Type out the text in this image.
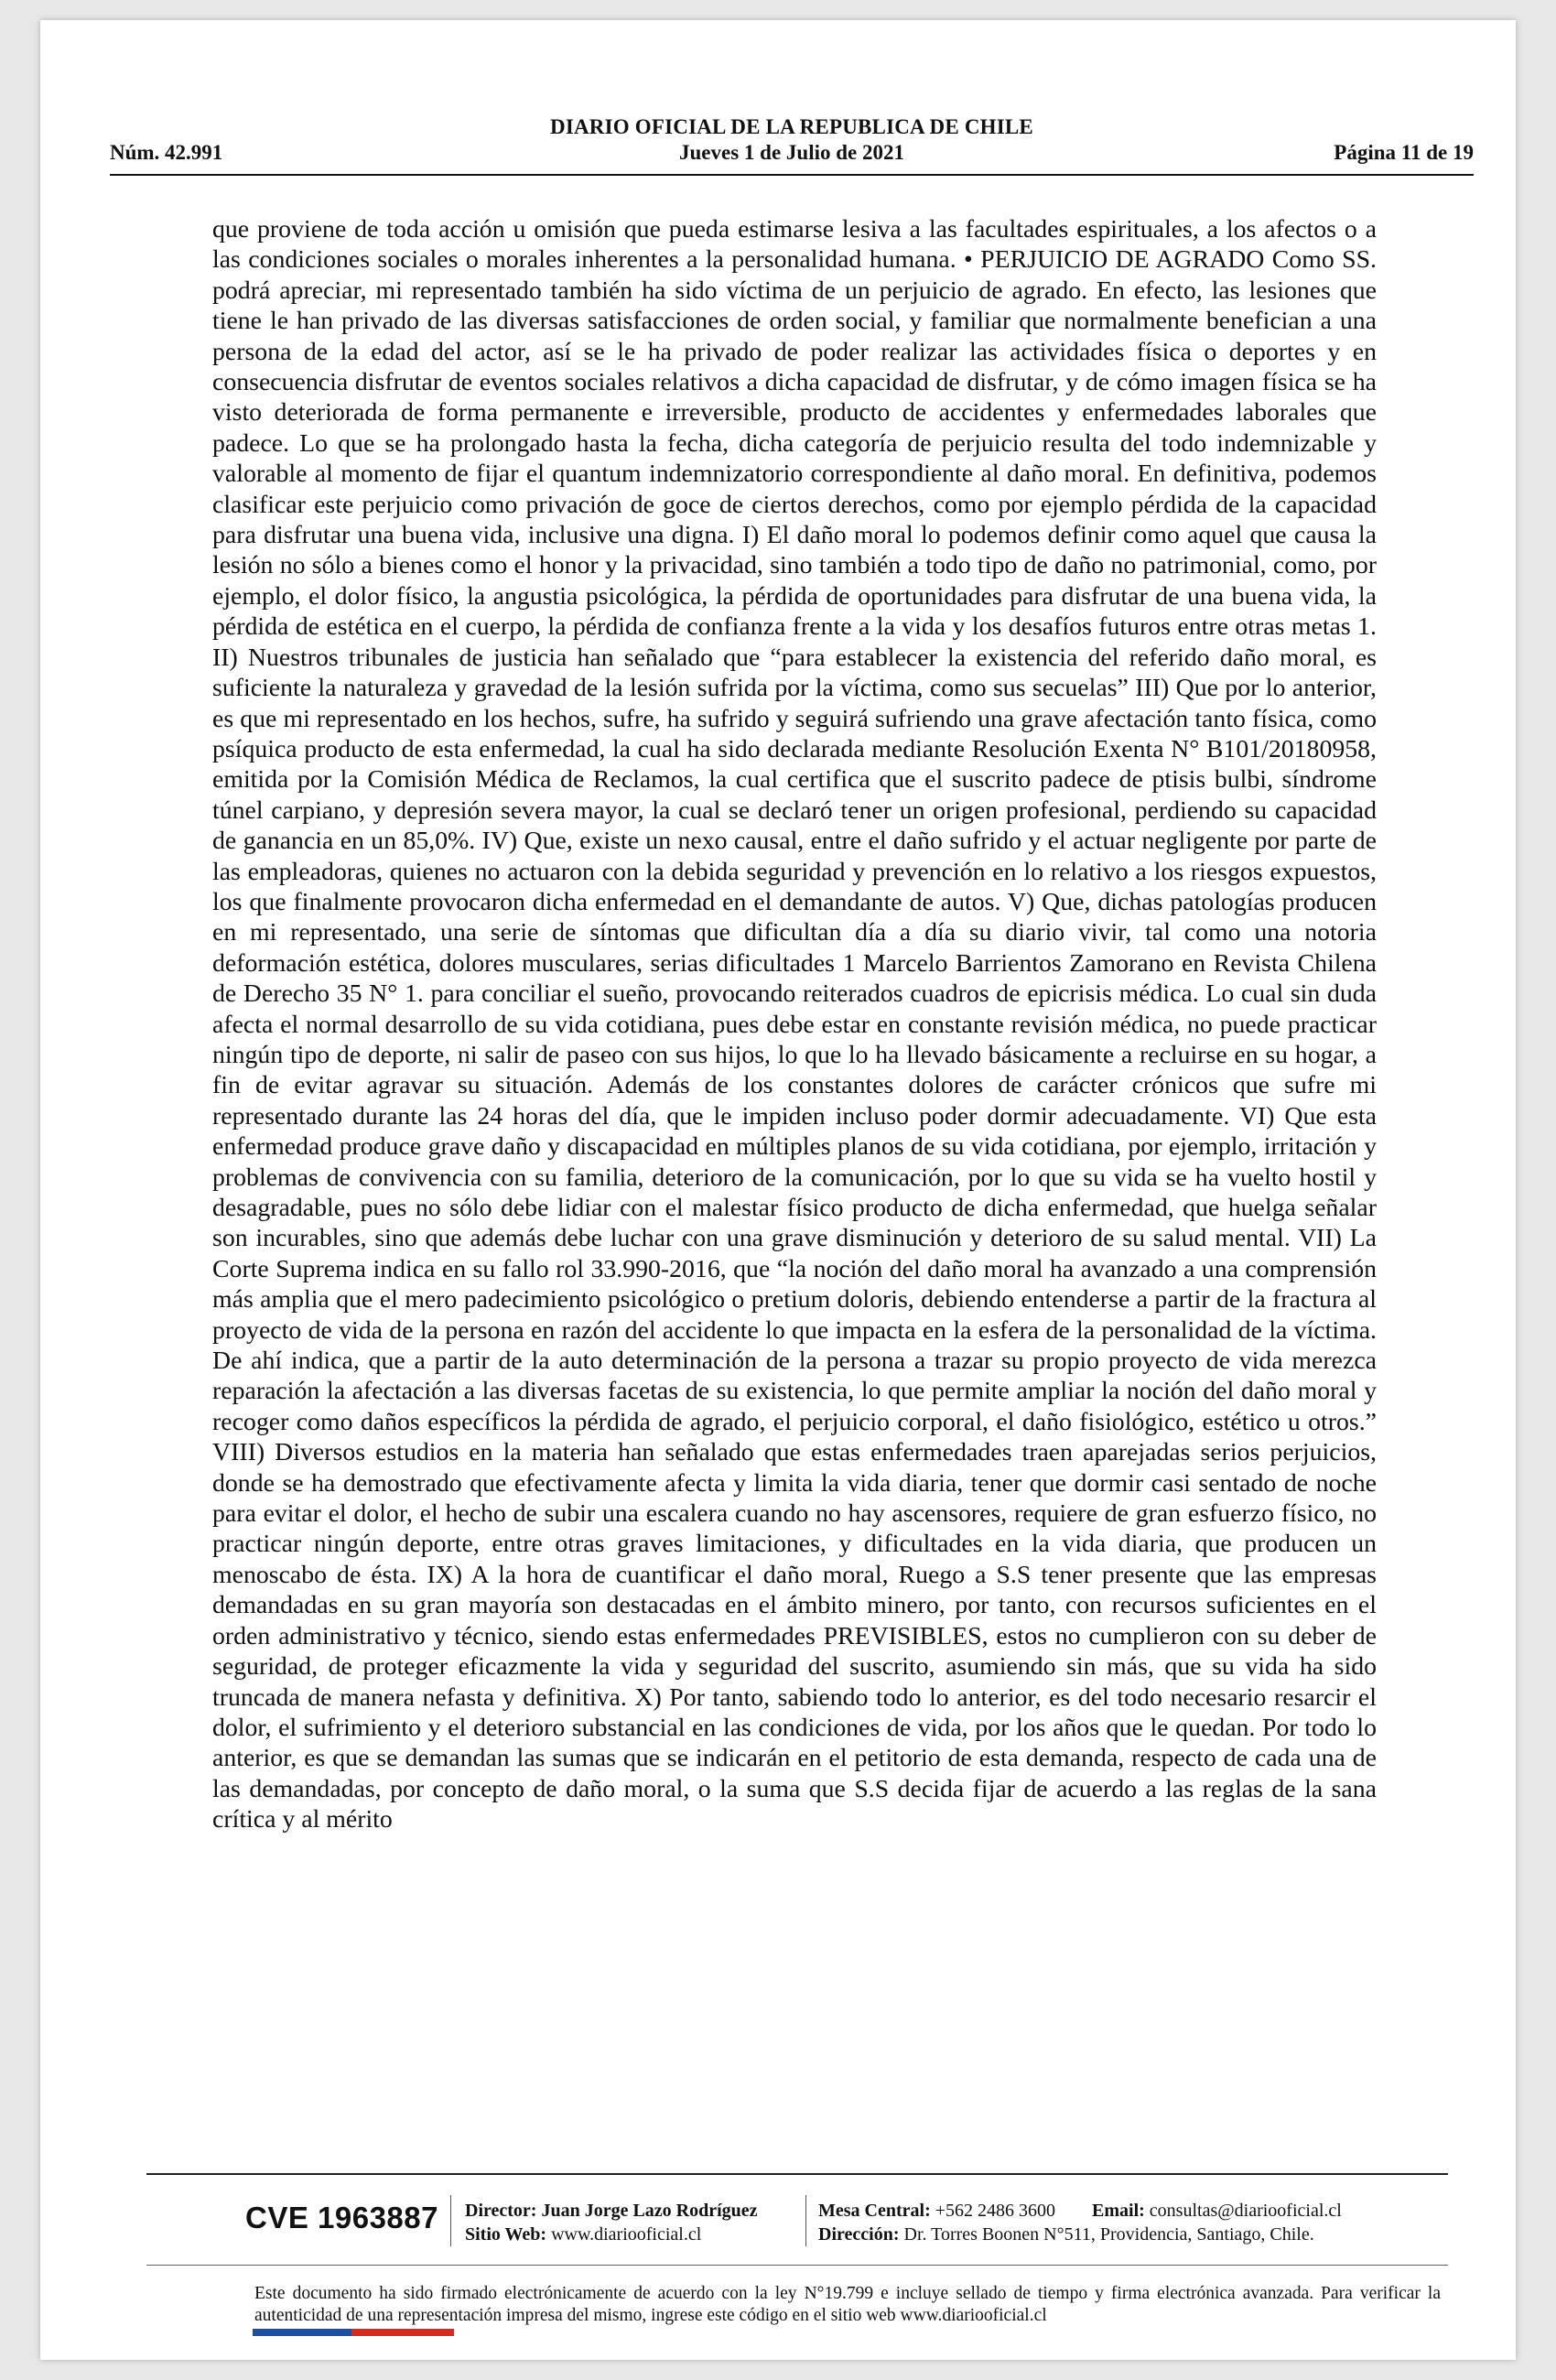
DIARIO OFICIAL DE LA REPUBLICA DE CHILE
Núm. 42.991	Jueves 1 de Julio de 2021	Página 11 de 19

que proviene de toda acción u omisión que pueda estimarse lesiva a las facultades espirituales, a los afectos o a las condiciones sociales o morales inherentes a la personalidad humana. • PERJUICIO DE AGRADO Como SS. podrá apreciar, mi representado también ha sido víctima de un perjuicio de agrado. En efecto, las lesiones que tiene le han privado de las diversas satisfacciones de orden social, y familiar que normalmente benefician a una persona de la edad del actor, así se le ha privado de poder realizar las actividades física o deportes y en consecuencia disfrutar de eventos sociales relativos a dicha capacidad de disfrutar, y de cómo imagen física se ha visto deteriorada de forma permanente e irreversible, producto de accidentes y enfermedades laborales que padece. Lo que se ha prolongado hasta la fecha, dicha categoría de perjuicio resulta del todo indemnizable y valorable al momento de fijar el quantum indemnizatorio correspondiente al daño moral. En definitiva, podemos clasificar este perjuicio como privación de goce de ciertos derechos, como por ejemplo pérdida de la capacidad para disfrutar una buena vida, inclusive una digna. I) El daño moral lo podemos definir como aquel que causa la lesión no sólo a bienes como el honor y la privacidad, sino también a todo tipo de daño no patrimonial, como, por ejemplo, el dolor físico, la angustia psicológica, la pérdida de oportunidades para disfrutar de una buena vida, la pérdida de estética en el cuerpo, la pérdida de confianza frente a la vida y los desafíos futuros entre otras metas 1. II) Nuestros tribunales de justicia han señalado que “para establecer la existencia del referido daño moral, es suficiente la naturaleza y gravedad de la lesión sufrida por la víctima, como sus secuelas” III) Que por lo anterior, es que mi representado en los hechos, sufre, ha sufrido y seguirá sufriendo una grave afectación tanto física, como psíquica producto de esta enfermedad, la cual ha sido declarada mediante Resolución Exenta N° B101/20180958, emitida por la Comisión Médica de Reclamos, la cual certifica que el suscrito padece de ptisis bulbi, síndrome túnel carpiano, y depresión severa mayor, la cual se declaró tener un origen profesional, perdiendo su capacidad de ganancia en un 85,0%. IV) Que, existe un nexo causal, entre el daño sufrido y el actuar negligente por parte de las empleadoras, quienes no actuaron con la debida seguridad y prevención en lo relativo a los riesgos expuestos, los que finalmente provocaron dicha enfermedad en el demandante de autos. V) Que, dichas patologías producen en mi representado, una serie de síntomas que dificultan día a día su diario vivir, tal como una notoria deformación estética, dolores musculares, serias dificultades 1 Marcelo Barrientos Zamorano en Revista Chilena de Derecho 35 N° 1. para conciliar el sueño, provocando reiterados cuadros de epicrisis médica. Lo cual sin duda afecta el normal desarrollo de su vida cotidiana, pues debe estar en constante revisión médica, no puede practicar ningún tipo de deporte, ni salir de paseo con sus hijos, lo que lo ha llevado básicamente a recluirse en su hogar, a fin de evitar agravar su situación. Además de los constantes dolores de carácter crónicos que sufre mi representado durante las 24 horas del día, que le impiden incluso poder dormir adecuadamente. VI) Que esta enfermedad produce grave daño y discapacidad en múltiples planos de su vida cotidiana, por ejemplo, irritación y problemas de convivencia con su familia, deterioro de la comunicación, por lo que su vida se ha vuelto hostil y desagradable, pues no sólo debe lidiar con el malestar físico producto de dicha enfermedad, que huelga señalar son incurables, sino que además debe luchar con una grave disminución y deterioro de su salud mental. VII) La Corte Suprema indica en su fallo rol 33.990-2016, que “la noción del daño moral ha avanzado a una comprensión más amplia que el mero padecimiento psicológico o pretium doloris, debiendo entenderse a partir de la fractura al proyecto de vida de la persona en razón del accidente lo que impacta en la esfera de la personalidad de la víctima. De ahí indica, que a partir de la auto determinación de la persona a trazar su propio proyecto de vida merezca reparación la afectación a las diversas facetas de su existencia, lo que permite ampliar la noción del daño moral y recoger como daños específicos la pérdida de agrado, el perjuicio corporal, el daño fisiológico, estético u otros.” VIII) Diversos estudios en la materia han señalado que estas enfermedades traen aparejadas serios perjuicios, donde se ha demostrado que efectivamente afecta y limita la vida diaria, tener que dormir casi sentado de noche para evitar el dolor, el hecho de subir una escalera cuando no hay ascensores, requiere de gran esfuerzo físico, no practicar ningún deporte, entre otras graves limitaciones, y dificultades en la vida diaria, que producen un menoscabo de ésta. IX) A la hora de cuantificar el daño moral, Ruego a S.S tener presente que las empresas demandadas en su gran mayoría son destacadas en el ámbito minero, por tanto, con recursos suficientes en el orden administrativo y técnico, siendo estas enfermedades PREVISIBLES, estos no cumplieron con su deber de seguridad, de proteger eficazmente la vida y seguridad del suscrito, asumiendo sin más, que su vida ha sido truncada de manera nefasta y definitiva. X) Por tanto, sabiendo todo lo anterior, es del todo necesario resarcir el dolor, el sufrimiento y el deterioro substancial en las condiciones de vida, por los años que le quedan. Por todo lo anterior, es que se demandan las sumas que se indicarán en el petitorio de esta demanda, respecto de cada una de las demandadas, por concepto de daño moral, o la suma que S.S decida fijar de acuerdo a las reglas de la sana crítica y al mérito

CVE 1963887 Director: Juan Jorge Lazo Rodríguez
Sitio Web: www.diariooficial.cl
Mesa Central: +562 2486 3600 Email: consultas@diariooficial.cl
Dirección: Dr. Torres Boonen N°511, Providencia, Santiago, Chile.

Este documento ha sido firmado electrónicamente de acuerdo con la ley N°19.799 e incluye sellado de tiempo y firma electrónica avanzada. Para verificar la autenticidad de una representación impresa del mismo, ingrese este código en el sitio web www.diariooficial.cl
